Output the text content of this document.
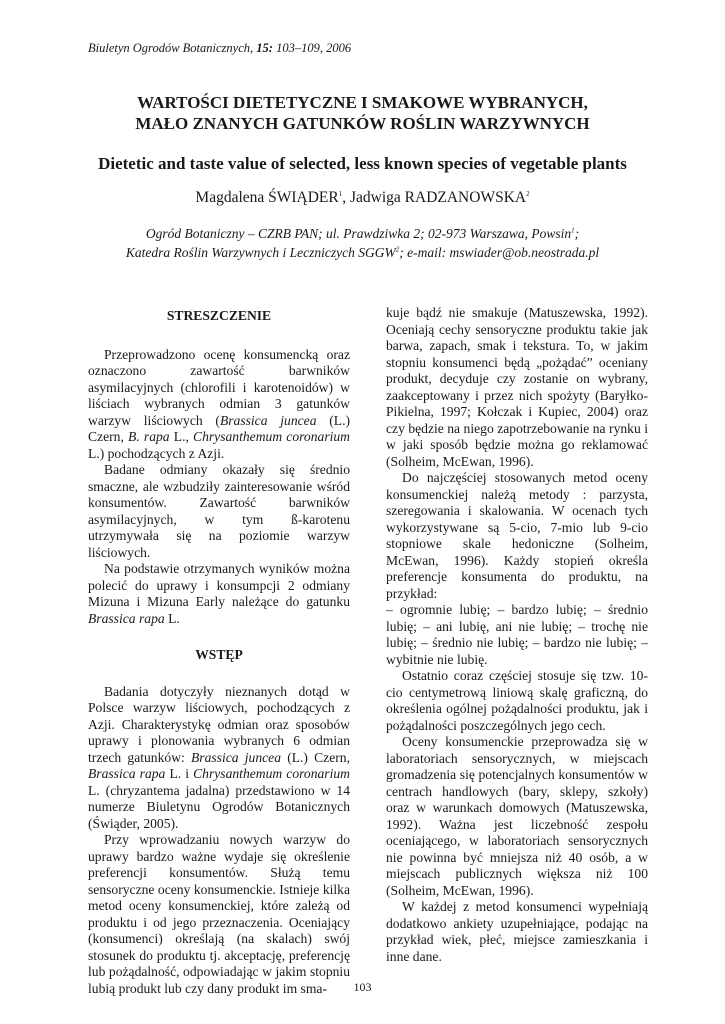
Biuletyn Ogrodów Botanicznych, 15: 103–109, 2006
WARTOŚCI DIETETYCZNE I SMAKOWE WYBRANYCH,
MAŁO ZNANYCH GATUNKÓW ROŚLIN WARZYWNYCH
Dietetic and taste value of selected, less known species of vegetable plants
Magdalena ŚWIĄDER$^1$, Jadwiga RADZANOWSKA$^2$
Ogród Botaniczny – CZRB PAN; ul. Prawdziwka 2; 02-973 Warszawa, Powsin$^1$;
Katedra Roślin Warzywnych i Leczniczych SGGW$^2$; e-mail: mswiader@ob.neostrada.pl
STRESZCZENIE

Przeprowadzono ocenę konsumencką oraz oznaczono zawartość barwników asymilacyjnych (chlorofili i karotenoidów) w liściach wybranych odmian 3 gatunków warzyw liściowych (Brassica juncea (L.) Czern, B. rapa L., Chrysanthemum coronarium L.) pochodzących z Azji.

Badane odmiany okazały się średnio smaczne, ale wzbudziły zainteresowanie wśród konsumentów. Zawartość barwników asymilacyjnych, w tym ß-karotenu utrzymywała się na poziomie warzyw liściowych.

Na podstawie otrzymanych wyników można polecić do uprawy i konsumpcji 2 odmiany Mizuna i Mizuna Early należące do gatunku Brassica rapa L.

WSTĘP

Badania dotyczyły nieznanych dotąd w Polsce warzyw liściowych, pochodzących z Azji. Charakterystykę odmian oraz sposobów uprawy i plonowania wybranych 6 odmian trzech gatunków: Brassica juncea (L.) Czern, Brassica rapa L. i Chrysanthemum coronarium L. (chryzantema jadalna) przedstawiono w 14 numerze Biuletynu Ogrodów Botanicznych (Świąder, 2005).

Przy wprowadzaniu nowych warzyw do uprawy bardzo ważne wydaje się określenie preferencji konsumentów. Służą temu sensoryczne oceny konsumenckie. Istnieje kilka metod oceny konsumenckiej, które zależą od produktu i od jego przeznaczenia. Oceniający (konsumenci) określają (na skalach) swój stosunek do produktu tj. akceptację, preferencję lub pożądalność, odpowiadając w jakim stopniu lubią produkt lub czy dany produkt im sma-

kuje bądź nie smakuje (Matuszewska, 1992). Oceniają cechy sensoryczne produktu takie jak barwa, zapach, smak i tekstura. To, w jakim stopniu konsumenci będą „pożądać” oceniany produkt, decyduje czy zostanie on wybrany, zaakceptowany i przez nich spożyty (Baryłko-Pikielna, 1997; Kołczak i Kupiec, 2004) oraz czy będzie na niego zapotrzebowanie na rynku i w jaki sposób będzie można go reklamować (Solheim, McEwan, 1996).

Do najczęściej stosowanych metod oceny konsumenckiej należą metody : parzysta, szeregowania i skalowania. W ocenach tych wykorzystywane są 5-cio, 7-mio lub 9-cio stopniowe skale hedoniczne (Solheim, McEwan, 1996). Każdy stopień określa preferencje konsumenta do produktu, na przykład:

– ogromnie lubię; – bardzo lubię; – średnio lubię; – ani lubię, ani nie lubię; – trochę nie lubię; – średnio nie lubię; – bardzo nie lubię; – wybitnie nie lubię.

Ostatnio coraz częściej stosuje się tzw. 10-cio centymetrową liniową skalę graficzną, do określenia ogólnej pożądalności produktu, jak i pożądalności poszczególnych jego cech.

Oceny konsumenckie przeprowadza się w laboratoriach sensorycznych, w miejscach gromadzenia się potencjalnych konsumentów w centrach handlowych (bary, sklepy, szkoły) oraz w warunkach domowych (Matuszewska, 1992). Ważna jest liczebność zespołu oceniającego, w laboratoriach sensorycznych nie powinna być mniejsza niż 40 osób, a w miejscach publicznych większa niż 100 (Solheim, McEwan, 1996).

W każdej z metod konsumenci wypełniają dodatkowo ankiety uzupełniające, podając na przykład wiek, płeć, miejsce zamieszkania i inne dane.

103
